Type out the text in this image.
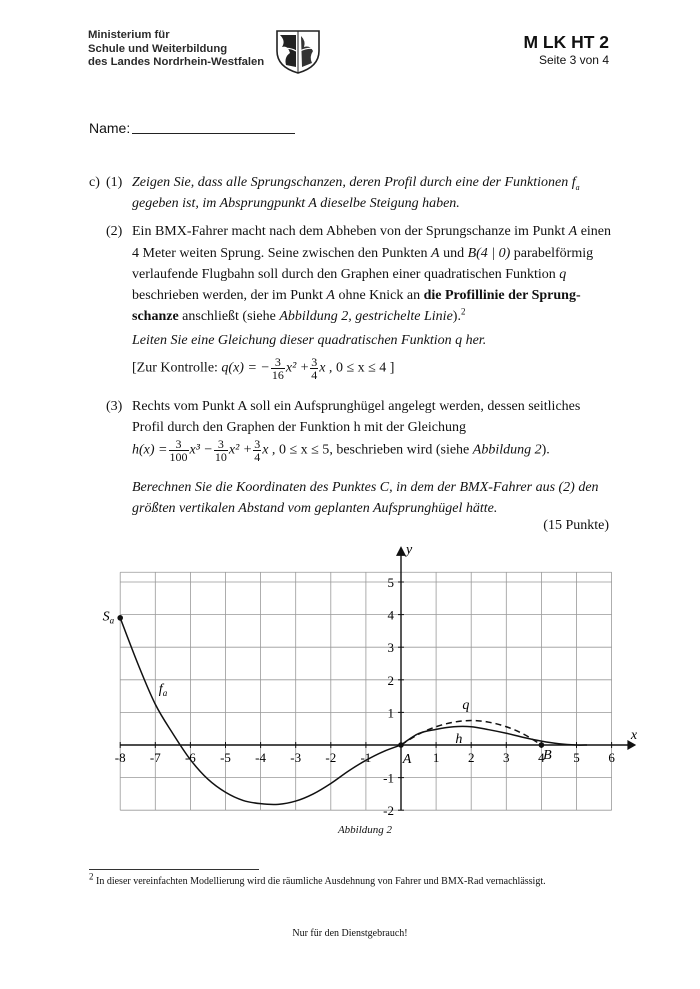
Ministerium für
Schule und Weiterbildung
des Landes Nordrhein-Westfalen
M LK HT 2
Seite 3 von 4
Name:
c) (1) Zeigen Sie, dass alle Sprungschanzen, deren Profil durch eine der Funktionen $f_a$
gegeben ist, im Absprungpunkt A dieselbe Steigung haben.
(2) Ein BMX-Fahrer macht nach dem Abheben von der Sprungschanze im Punkt A einen
4 Meter weiten Sprung. Seine zwischen den Punkten A und B(4 | 0) parabelförmig
verlaufende Flugbahn soll durch den Graphen einer quadratischen Funktion q
beschrieben werden, der im Punkt A ohne Knick an die Profillinie der Sprung-
schanze anschließt (siehe Abbildung 2, gestrichelte Linie).$^2$
Leiten Sie eine Gleichung dieser quadratischen Funktion q her.
[Zur Kontrolle: q(x) = − $\frac{3}{16} x^2 + \frac{3}{4}$ x , 0 ≤ x ≤ 4 ]
(3) Rechts vom Punkt A soll ein Aufsprunghügel angelegt werden, dessen seitliches
Profil durch den Graphen der Funktion h mit der Gleichung
$h(x) = \frac{3}{100} x^3 - \frac{3}{10} x^2 + \frac{3}{4}$ x , 0 ≤ x ≤ 5, beschrieben wird (siehe Abbildung 2).
Berechnen Sie die Koordinaten des Punktes C, in dem der BMX-Fahrer aus (2) den
größten vertikalen Abstand vom geplanten Aufsprunghügel hätte.
(15 Punkte)
x
y
-8 -7 -6 -5 -4 -3 -2 -1	1 2 3 4 5 6
5
4
3
2
1
-1
-2
$S_a$
$f_a$
q
h
A	B
Abbildung 2
$^2$ In dieser vereinfachten Modellierung wird die räumliche Ausdehnung von Fahrer und BMX-Rad vernachlässigt.
Nur für den Dienstgebrauch!
